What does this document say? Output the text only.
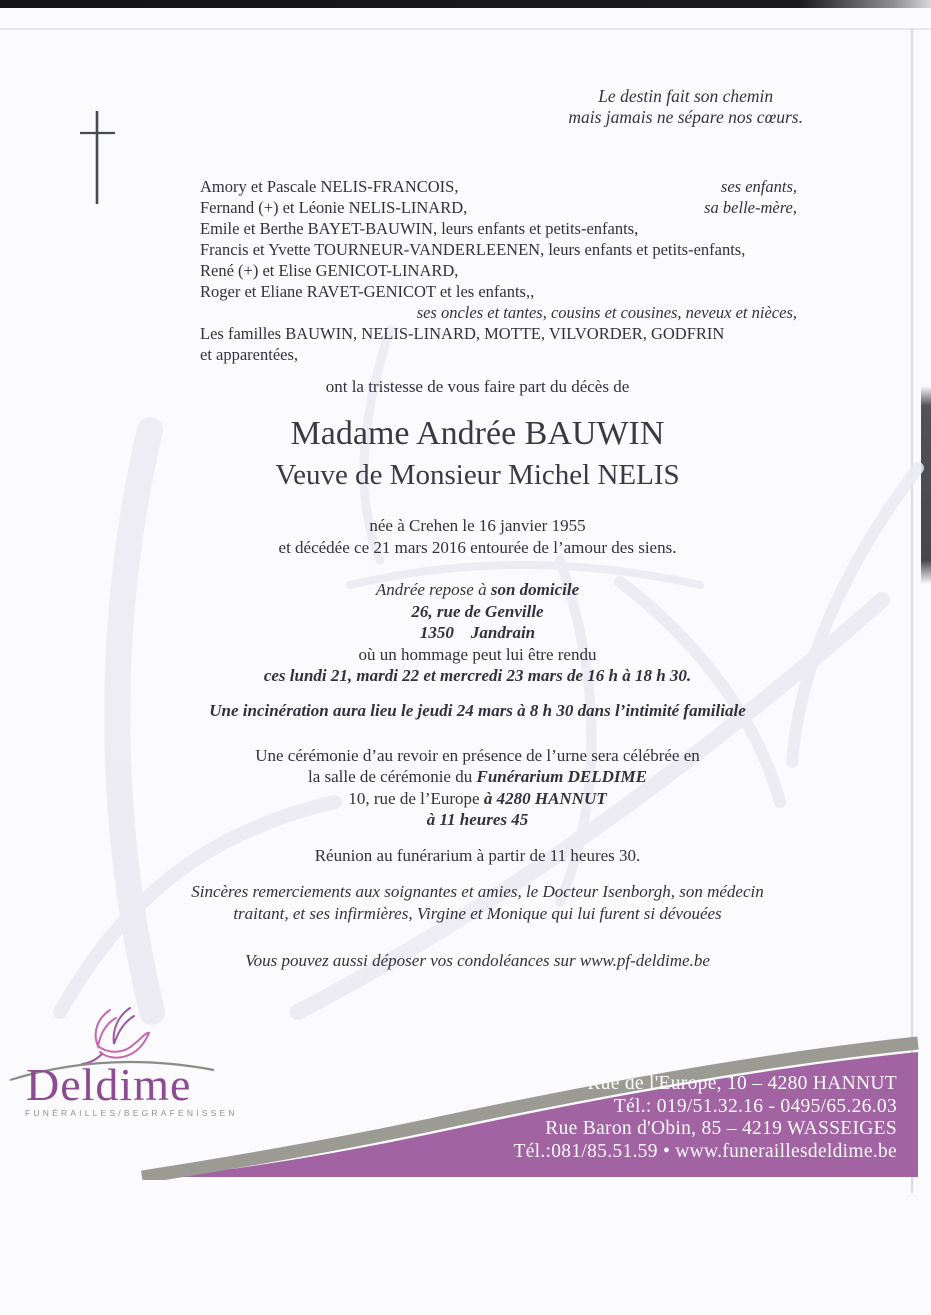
Le destin fait son chemin
mais jamais ne sépare nos cœurs.
Amory et Pascale NELIS-FRANCOIS,	ses enfants,
Fernand (+) et Léonie NELIS-LINARD,	sa belle-mère,
Emile et Berthe BAYET-BAUWIN, leurs enfants et petits-enfants,
Francis et Yvette TOURNEUR-VANDERLEENEN, leurs enfants et petits-enfants,
René (+) et Elise GENICOT-LINARD,
Roger et Eliane RAVET-GENICOT et les enfants,,
ses oncles et tantes, cousins et cousines, neveux et nièces,
Les familles BAUWIN, NELIS-LINARD, MOTTE, VILVORDER, GODFRIN
et apparentées,
ont la tristesse de vous faire part du décès de
Madame Andrée BAUWIN
Veuve de Monsieur Michel NELIS
née à Crehen le 16 janvier 1955
et décédée ce 21 mars 2016 entourée de l’amour des siens.
Andrée repose à son domicile
26, rue de Genville
1350    Jandrain
où un hommage peut lui être rendu
ces lundi 21, mardi 22 et mercredi 23 mars de 16 h à 18 h 30.
Une incinération aura lieu le jeudi 24 mars à 8 h 30 dans l’intimité familiale
Une cérémonie d’au revoir en présence de l’urne sera célébrée en
la salle de cérémonie du Funérarium DELDIME
10, rue de l’Europe à 4280 HANNUT
à 11 heures 45
Réunion au funérarium à partir de 11 heures 30.
Sincères remerciements aux soignantes et amies, le Docteur Isenborgh, son médecin
traitant, et ses infirmières, Virgine et Monique qui lui furent si dévouées
Vous pouvez aussi déposer vos condoléances sur www.pf-deldime.be
Deldime
FUNÉRAILLES/BEGRAFENISSEN
Rue de l'Europe, 10 – 4280 HANNUT
Tél.: 019/51.32.16 - 0495/65.26.03
Rue Baron d'Obin, 85 – 4219 WASSEIGES
Tél.:081/85.51.59 • www.funeraillesdeldime.be
